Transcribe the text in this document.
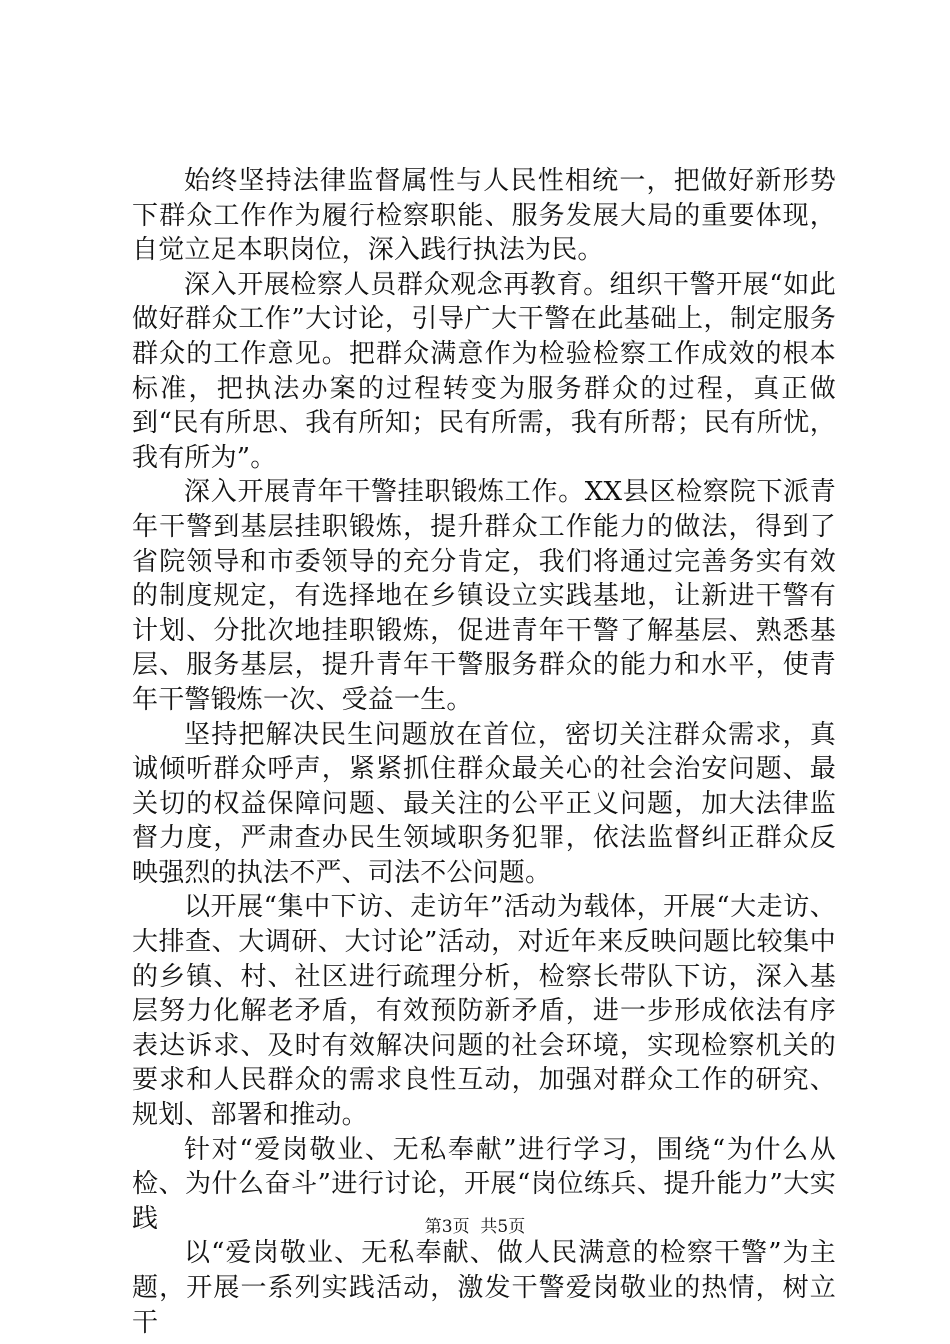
始终坚持法律监督属性与人民性相统一，把做好新形势下群众工作作为履行检察职能、服务发展大局的重要体现，自觉立足本职岗位，深入践行执法为民。

深入开展检察人员群众观念再教育。组织干警开展“如此做好群众工作”大讨论，引导广大干警在此基础上，制定服务群众的工作意见。把群众满意作为检验检察工作成效的根本标准，把执法办案的过程转变为服务群众的过程，真正做到“民有所思、我有所知；民有所需，我有所帮；民有所忧，我有所为”。

深入开展青年干警挂职锻炼工作。XX县区检察院下派青年干警到基层挂职锻炼，提升群众工作能力的做法，得到了省院领导和市委领导的充分肯定，我们将通过完善务实有效的制度规定，有选择地在乡镇设立实践基地，让新进干警有计划、分批次地挂职锻炼，促进青年干警了解基层、熟悉基层、服务基层，提升青年干警服务群众的能力和水平，使青年干警锻炼一次、受益一生。

坚持把解决民生问题放在首位，密切关注群众需求，真诚倾听群众呼声，紧紧抓住群众最关心的社会治安问题、最关切的权益保障问题、最关注的公平正义问题，加大法律监督力度，严肃查办民生领域职务犯罪，依法监督纠正群众反映强烈的执法不严、司法不公问题。

以开展“集中下访、走访年”活动为载体，开展“大走访、大排查、大调研、大讨论”活动，对近年来反映问题比较集中的乡镇、村、社区进行疏理分析，检察长带队下访，深入基层努力化解老矛盾，有效预防新矛盾，进一步形成依法有序表达诉求、及时有效解决问题的社会环境，实现检察机关的要求和人民群众的需求良性互动，加强对群众工作的研究、规划、部署和推动。

针对“爱岗敬业、无私奉献”进行学习，围绕“为什么从检、为什么奋斗”进行讨论，开展“岗位练兵、提升能力”大实践

以“爱岗敬业、无私奉献、做人民满意的检察干警”为主题，开展一系列实践活动，激发干警爱岗敬业的热情，树立干

第3页  共5页
